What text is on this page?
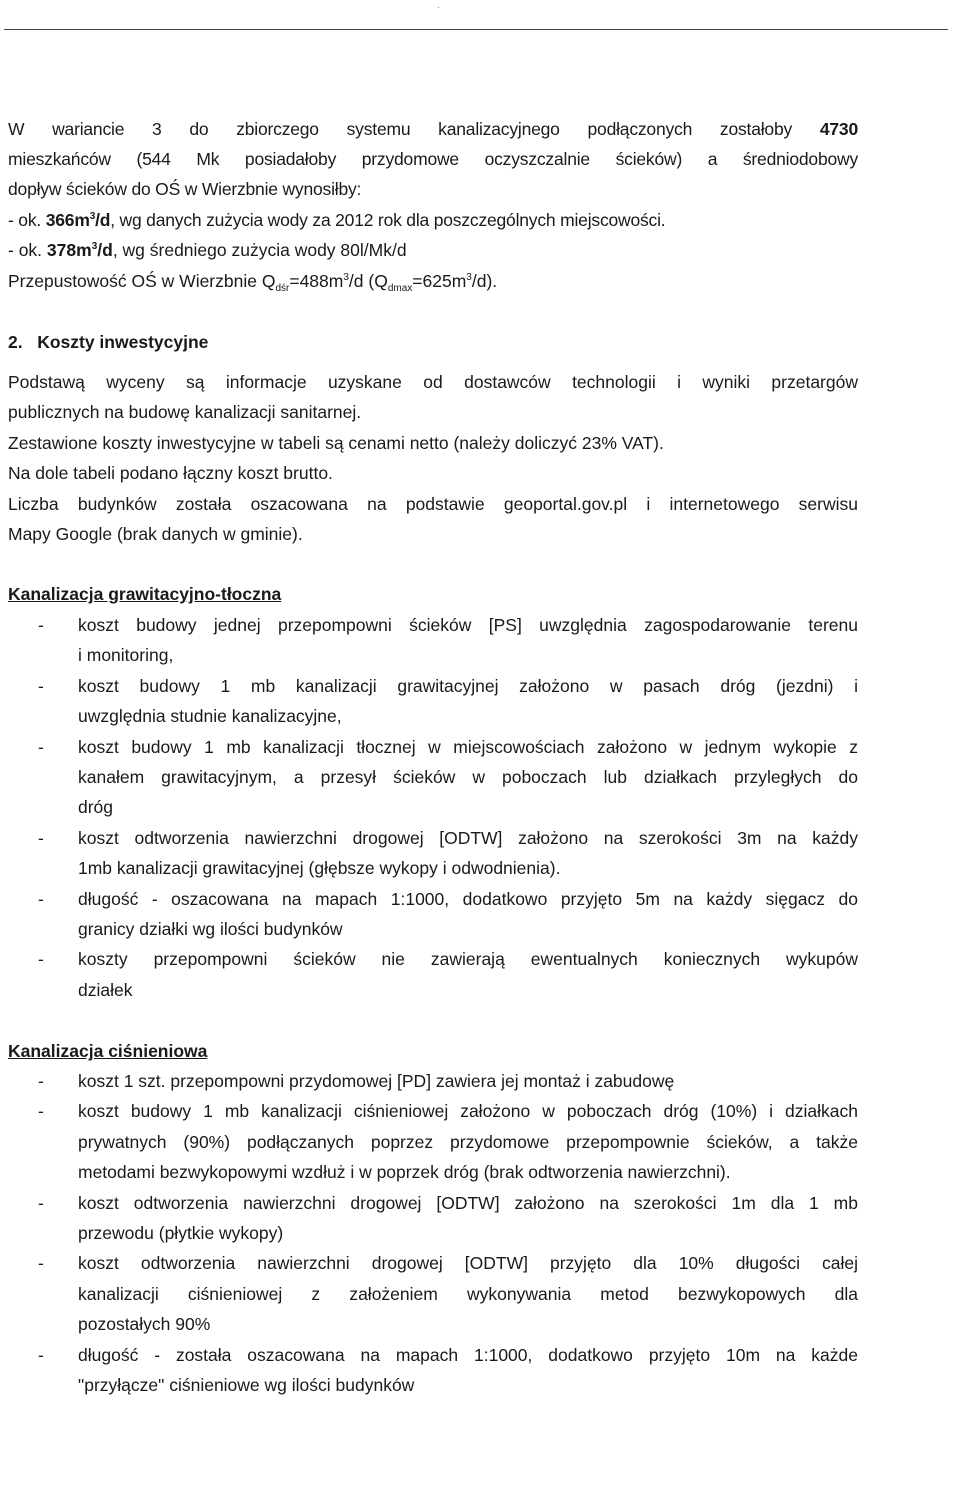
.
W wariancie 3 do zbiorczego systemu kanalizacyjnego podłączonych zostałoby 4730
mieszkańców (544 Mk posiadałoby przydomowe oczyszczalnie ścieków) a średniodobowy
dopływ ścieków do OŚ w Wierzbnie wynosiłby:
- ok. $366m^3/d$, wg danych zużycia wody za 2012 rok dla poszczególnych miejscowości.
- ok. $378m^3/d$, wg średniego zużycia wody 80l/Mk/d
Przepustowość OŚ w Wierzbnie $Q_{dśr}=488m^3/d$ $(Q_{dmax}=625m^3/d)$.
2. Koszty inwestycyjne
Podstawą wyceny są informacje uzyskane od dostawców technologii i wyniki przetargów
publicznych na budowę kanalizacji sanitarnej.
Zestawione koszty inwestycyjne w tabeli są cenami netto (należy doliczyć 23% VAT).
Na dole tabeli podano łączny koszt brutto.
Liczba budynków została oszacowana na podstawie geoportal.gov.pl i internetowego serwisu
Mapy Google (brak danych w gminie).
Kanalizacja grawitacyjno-tłoczna
- koszt budowy jednej przepompowni ścieków [PS] uwzględnia zagospodarowanie terenu
i monitoring,
- koszt budowy 1 mb kanalizacji grawitacyjnej założono w pasach dróg (jezdni) i
uwzględnia studnie kanalizacyjne,
- koszt budowy 1 mb kanalizacji tłocznej w miejscowościach założono w jednym wykopie z
kanałem grawitacyjnym, a przesył ścieków w poboczach lub działkach przyległych do
dróg
- koszt odtworzenia nawierzchni drogowej [ODTW] założono na szerokości 3m na każdy
1mb kanalizacji grawitacyjnej (głębsze wykopy i odwodnienia).
- długość - oszacowana na mapach 1:1000, dodatkowo przyjęto 5m na każdy sięgacz do
granicy działki wg ilości budynków
- koszty przepompowni ścieków nie zawierają ewentualnych koniecznych wykupów
działek
Kanalizacja ciśnieniowa
- koszt 1 szt. przepompowni przydomowej [PD] zawiera jej montaż i zabudowę
- koszt budowy 1 mb kanalizacji ciśnieniowej założono w poboczach dróg (10%) i działkach
prywatnych (90%) podłączanych poprzez przydomowe przepompownie ścieków, a także
metodami bezwykopowymi wzdłuż i w poprzek dróg (brak odtworzenia nawierzchni).
- koszt odtworzenia nawierzchni drogowej [ODTW] założono na szerokości 1m dla 1 mb
przewodu (płytkie wykopy)
- koszt odtworzenia nawierzchni drogowej [ODTW] przyjęto dla 10% długości całej
kanalizacji ciśnieniowej z założeniem wykonywania metod bezwykopowych dla
pozostałych 90%
- długość - została oszacowana na mapach 1:1000, dodatkowo przyjęto 10m na każde
"przyłącze" ciśnieniowe wg ilości budynków
